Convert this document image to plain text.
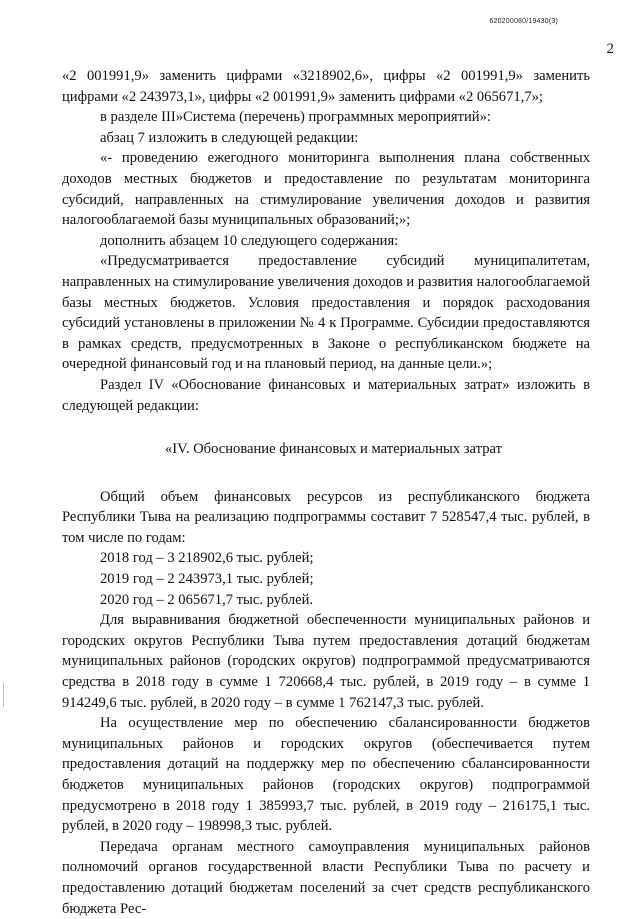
620200080/19430(3)
2

«2 001991,9» заменить цифрами «3218902,6», цифры «2 001991,9» заменить цифрами «2 243973,1», цифры «2 001991,9» заменить цифрами «2 065671,7»;

в разделе III»Система (перечень) программных мероприятий»:

абзац 7 изложить в следующей редакции:

«- проведению ежегодного мониторинга выполнения плана собственных доходов местных бюджетов и предоставление по результатам мониторинга субсидий, направленных на стимулирование увеличения доходов и развития налогооблагаемой базы муниципальных образований;»;

дополнить абзацем 10 следующего содержания:

«Предусматривается предоставление субсидий муниципалитетам, направленных на стимулирование увеличения доходов и развития налогооблагаемой базы местных бюджетов. Условия предоставления и порядок расходования субсидий установлены в приложении № 4 к Программе. Субсидии предоставляются в рамках средств, предусмотренных в Законе о республиканском бюджете на очередной финансовый год и на плановый период, на данные цели.»;

Раздел IV «Обоснование финансовых и материальных затрат» изложить в следующей редакции:

«IV. Обоснование финансовых и материальных затрат

Общий объем финансовых ресурсов из республиканского бюджета Республики Тыва на реализацию подпрограммы составит 7 528547,4 тыс. рублей, в том числе по годам:

2018 год – 3 218902,6 тыс. рублей;

2019 год – 2 243973,1 тыс. рублей;

2020 год – 2 065671,7 тыс. рублей.

Для выравнивания бюджетной обеспеченности муниципальных районов и городских округов Республики Тыва путем предоставления дотаций бюджетам муниципальных районов (городских округов) подпрограммой предусматриваются средства в 2018 году в сумме 1 720668,4 тыс. рублей, в 2019 году – в сумме 1 914249,6 тыс. рублей, в 2020 году – в сумме 1 762147,3 тыс. рублей.

На осуществление мер по обеспечению сбалансированности бюджетов муниципальных районов и городских округов (обеспечивается путем предоставления дотаций на поддержку мер по обеспечению сбалансированности бюджетов муниципальных районов (городских округов) подпрограммой предусмотрено в 2018 году 1 385993,7 тыс. рублей, в 2019 году – 216175,1 тыс. рублей, в 2020 году – 198998,3 тыс. рублей.

Передача органам местного самоуправления муниципальных районов полномочий органов государственной власти Республики Тыва по расчету и предоставлению дотаций бюджетам поселений за счет средств республиканского бюджета Рес-
